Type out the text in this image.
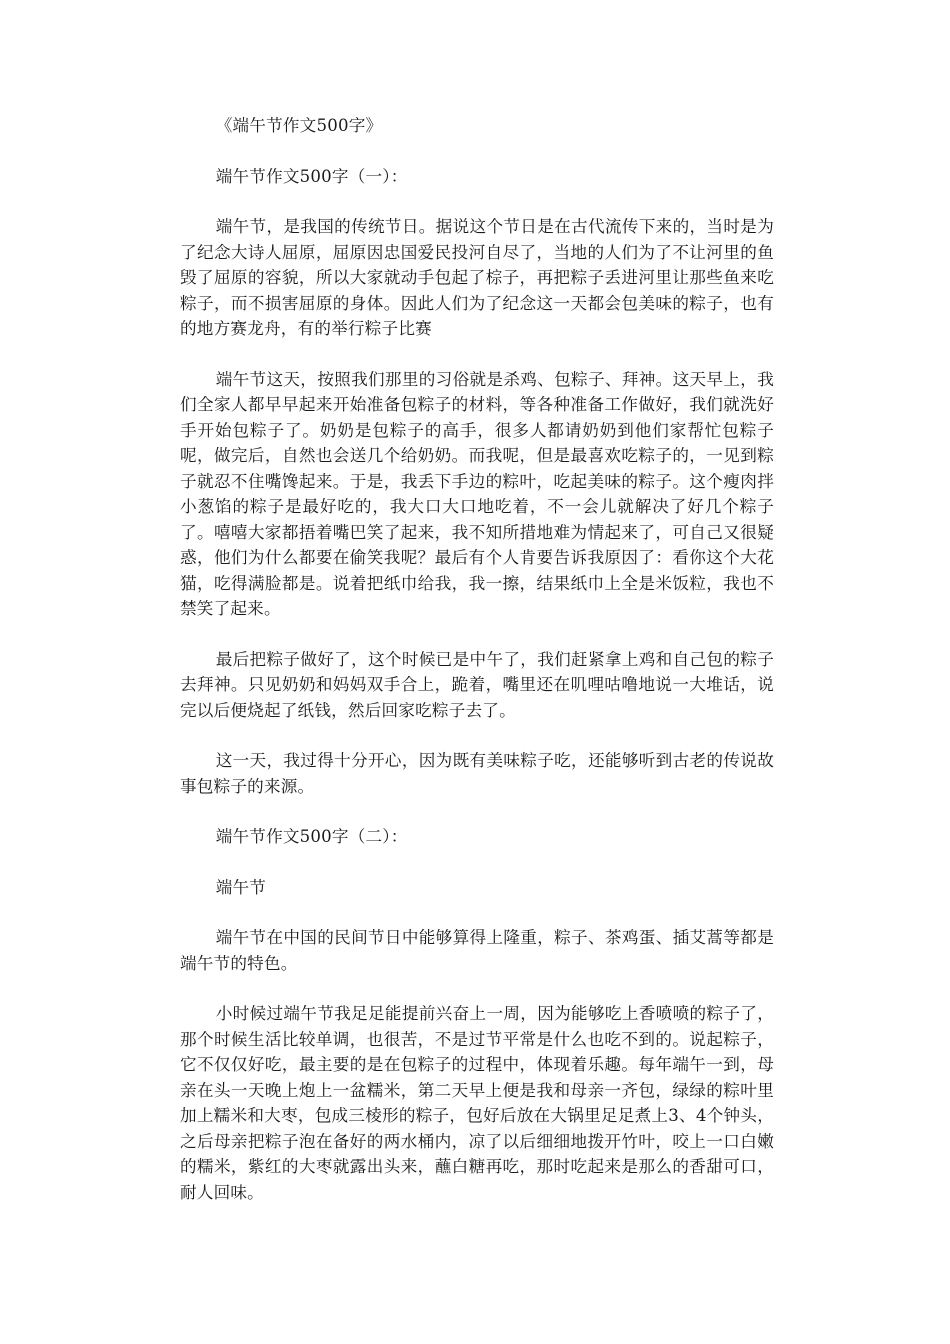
《端午节作文500字》

端午节作文500字（一）：

端午节，是我国的传统节日。据说这个节日是在古代流传下来的，当时是为了纪念大诗人屈原，屈原因忠国爱民投河自尽了，当地的人们为了不让河里的鱼毁了屈原的容貌，所以大家就动手包起了棕子，再把粽子丢进河里让那些鱼来吃粽子，而不损害屈原的身体。因此人们为了纪念这一天都会包美味的粽子，也有的地方赛龙舟，有的举行粽子比赛

端午节这天，按照我们那里的习俗就是杀鸡、包粽子、拜神。这天早上，我们全家人都早早起来开始准备包粽子的材料，等各种准备工作做好，我们就洗好手开始包粽子了。奶奶是包粽子的高手，很多人都请奶奶到他们家帮忙包粽子呢，做完后，自然也会送几个给奶奶。而我呢，但是最喜欢吃粽子的，一见到粽子就忍不住嘴馋起来。于是，我丢下手边的粽叶，吃起美味的粽子。这个瘦肉拌小葱馅的粽子是最好吃的，我大口大口地吃着，不一会儿就解决了好几个粽子了。嘻嘻大家都捂着嘴巴笑了起来，我不知所措地难为情起来了，可自己又很疑惑，他们为什么都要在偷笑我呢？最后有个人肯要告诉我原因了：看你这个大花猫，吃得满脸都是。说着把纸巾给我，我一擦，结果纸巾上全是米饭粒，我也不禁笑了起来。

最后把粽子做好了，这个时候已是中午了，我们赶紧拿上鸡和自己包的粽子去拜神。只见奶奶和妈妈双手合上，跪着，嘴里还在叽哩咕噜地说一大堆话，说完以后便烧起了纸钱，然后回家吃粽子去了。

这一天，我过得十分开心，因为既有美味粽子吃，还能够听到古老的传说故事包粽子的来源。

端午节作文500字（二）：

端午节

端午节在中国的民间节日中能够算得上隆重，粽子、茶鸡蛋、插艾蒿等都是端午节的特色。

小时候过端午节我足足能提前兴奋上一周，因为能够吃上香喷喷的粽子了，那个时候生活比较单调，也很苦，不是过节平常是什么也吃不到的。说起粽子，它不仅仅好吃，最主要的是在包粽子的过程中，体现着乐趣。每年端午一到，母亲在头一天晚上炮上一盆糯米，第二天早上便是我和母亲一齐包，绿绿的粽叶里加上糯米和大枣，包成三棱形的粽子，包好后放在大锅里足足煮上3、4个钟头，之后母亲把粽子泡在备好的两水桶内，凉了以后细细地拨开竹叶，咬上一口白嫩的糯米，紫红的大枣就露出头来，蘸白糖再吃，那时吃起来是那么的香甜可口，耐人回味。
